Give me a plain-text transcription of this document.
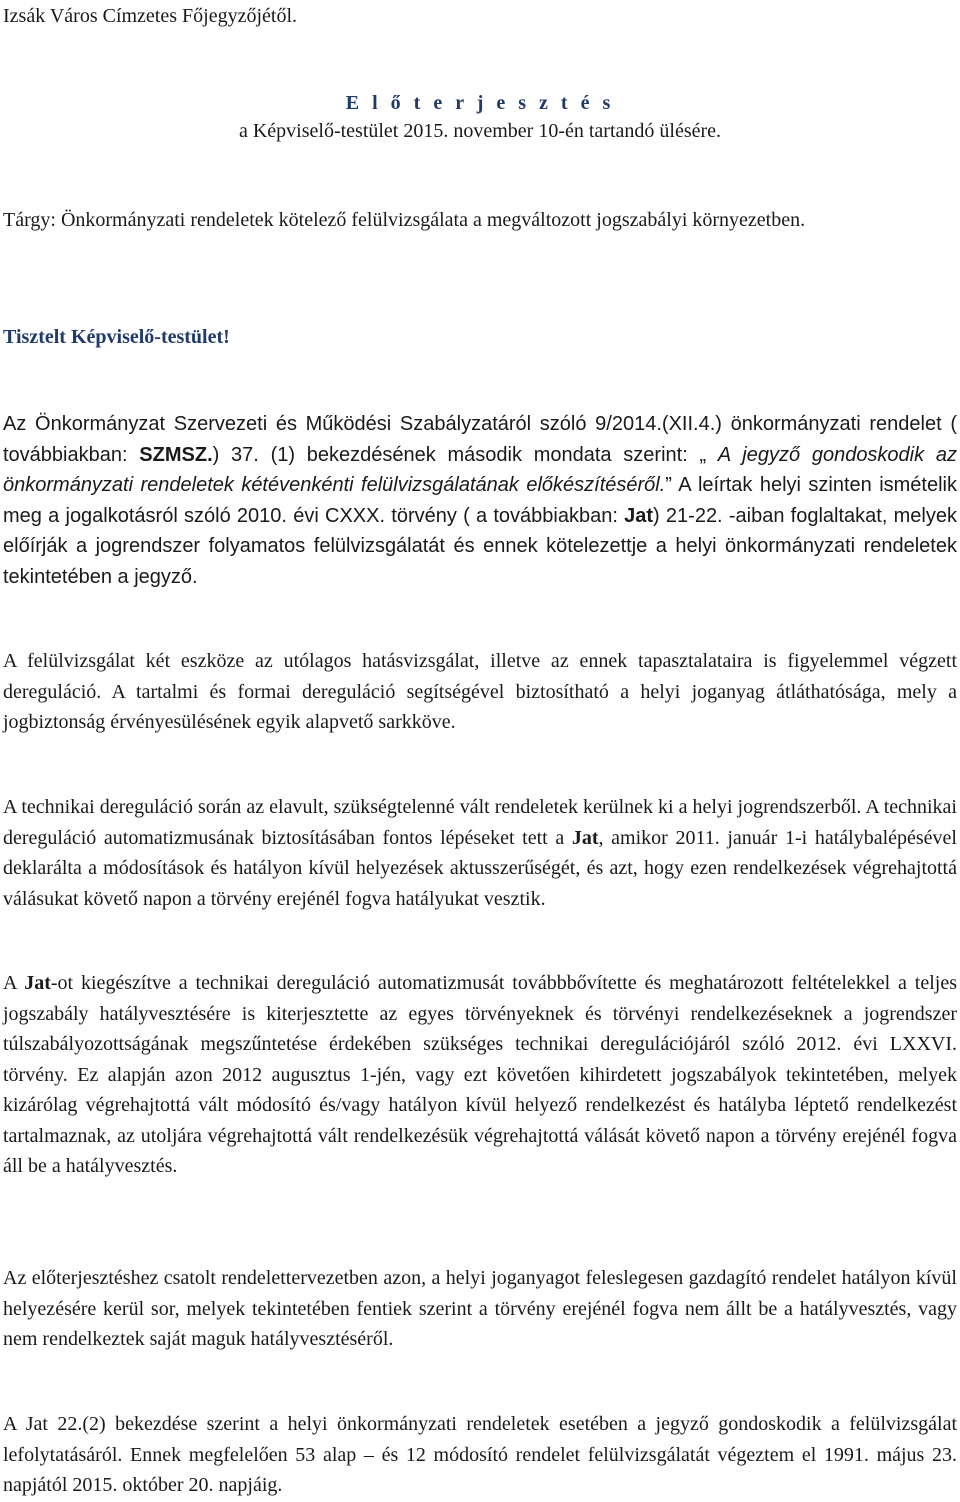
Izsák Város Címzetes Főjegyzőjétől.
E l ő t e r j e s z t é s
a Képviselő-testület 2015. november 10-én tartandó ülésére.
Tárgy: Önkormányzati rendeletek kötelező felülvizsgálata a megváltozott jogszabályi környezetben.
Tisztelt Képviselő-testület!
Az Önkormányzat Szervezeti és Működési Szabályzatáról szóló 9/2014.(XII.4.) önkormányzati rendelet ( továbbiakban: SZMSZ.) 37. (1) bekezdésének második mondata szerint: „ A jegyző gondoskodik az önkormányzati rendeletek kétévenkénti felülvizsgálatának előkészítéséről.” A leírtak helyi szinten ismételik meg a jogalkotásról szóló 2010. évi CXXX. törvény ( a továbbiakban: Jat) 21-22. -aiban foglaltakat, melyek előírják a jogrendszer folyamatos felülvizsgálatát és ennek kötelezettje a helyi önkormányzati rendeletek tekintetében a jegyző.
A felülvizsgálat két eszköze az utólagos hatásvizsgálat, illetve az ennek tapasztalataira is figyelemmel végzett dereguláció. A tartalmi és formai dereguláció segítségével biztosítható a helyi joganyag átláthatósága, mely a jogbiztonság érvényesülésének egyik alapvető sarkköve.
A technikai dereguláció során az elavult, szükségtelenné vált rendeletek kerülnek ki a helyi jogrendszerből. A technikai dereguláció automatizmusának biztosításában fontos lépéseket tett a Jat, amikor 2011. január 1-i hatálybalépésével deklarálta a módosítások és hatályon kívül helyezések aktusszerűségét, és azt, hogy ezen rendelkezések végrehajtottá válásukat követő napon a törvény erejénél fogva hatályukat vesztik.
A Jat-ot kiegészítve a technikai dereguláció automatizmusát továbbbővítette és meghatározott feltételekkel a teljes jogszabály hatályvesztésére is kiterjesztette az egyes törvényeknek és törvényi rendelkezéseknek a jogrendszer túlszabályozottságának megszűntetése érdekében szükséges technikai deregulációjáról szóló 2012. évi LXXVI. törvény. Ez alapján azon 2012 augusztus 1-jén, vagy ezt követően kihirdetett jogszabályok tekintetében, melyek kizárólag végrehajtottá vált módosító és/vagy hatályon kívül helyező rendelkezést és hatályba léptető rendelkezést tartalmaznak, az utoljára végrehajtottá vált rendelkezésük végrehajtottá válását követő napon a törvény erejénél fogva áll be a hatályvesztés.
Az előterjesztéshez csatolt rendelettervezetben azon, a helyi joganyagot feleslegesen gazdagító rendelet hatályon kívül helyezésére kerül sor, melyek tekintetében fentiek szerint a törvény erejénél fogva nem állt be a hatályvesztés, vagy nem rendelkeztek saját maguk hatályvesztéséről.
A Jat 22.(2) bekezdése szerint a helyi önkormányzati rendeletek esetében a jegyző gondoskodik a felülvizsgálat lefolytatásáról. Ennek megfelelően 53 alap – és 12 módosító rendelet felülvizsgálatát végeztem el 1991. május 23. napjától 2015. október 20. napjáig.
